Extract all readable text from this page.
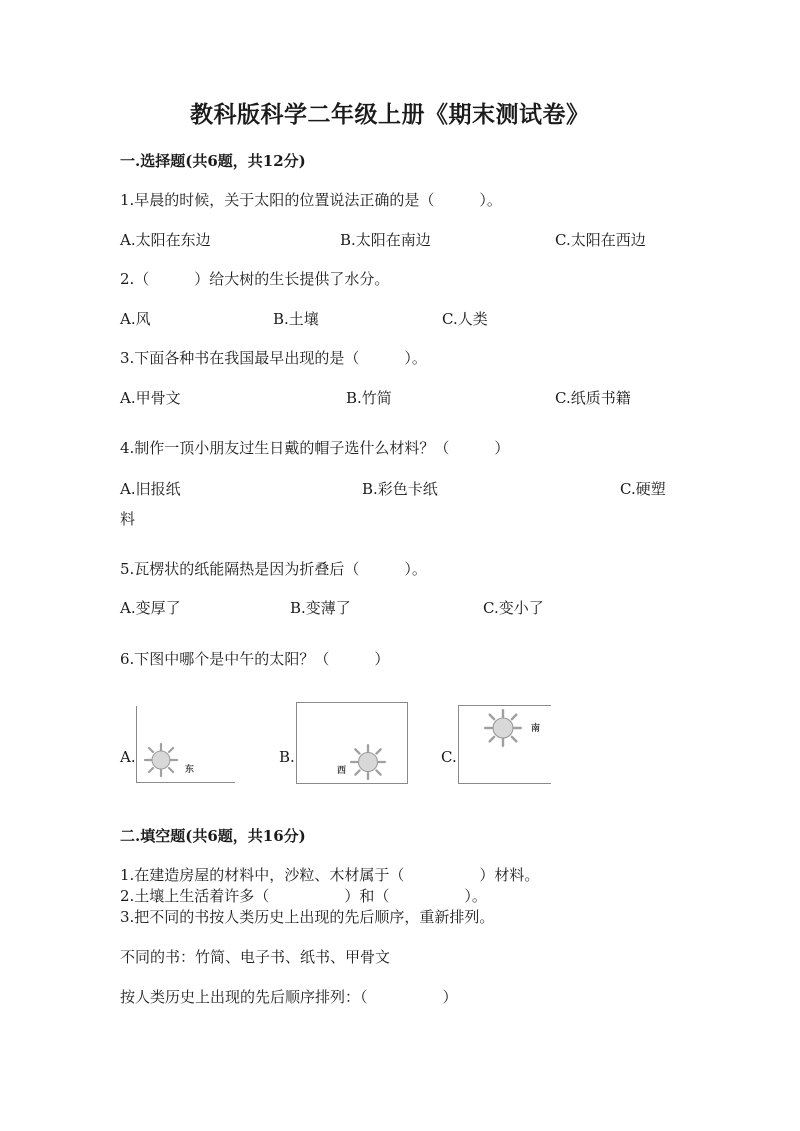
教科版科学二年级上册《期末测试卷》
一.选择题(共6题，共12分)
1.早晨的时候，关于太阳的位置说法正确的是（　　　）。
A.太阳在东边	B.太阳在南边	C.太阳在西边
2.（　　　）给大树的生长提供了水分。
A.风	B.土壤	C.人类
3.下面各种书在我国最早出现的是（　　　）。
A.甲骨文	B.竹简	C.纸质书籍
4.制作一顶小朋友过生日戴的帽子选什么材料？（　　　）
A.旧报纸	B.彩色卡纸	C.硬塑
料
5.瓦楞状的纸能隔热是因为折叠后（　　　）。
A.变厚了	B.变薄了	C.变小了
6.下图中哪个是中午的太阳？（　　　）
A.
东
B.
西
C.
南
二.填空题(共6题，共16分)
1.在建造房屋的材料中，沙粒、木材属于（　　　　　）材料。
2.土壤上生活着许多（　　　　　）和（　　　　　）。
3.把不同的书按人类历史上出现的先后顺序，重新排列。
不同的书：竹简、电子书、纸书、甲骨文
按人类历史上出现的先后顺序排列：（　　　　　）
